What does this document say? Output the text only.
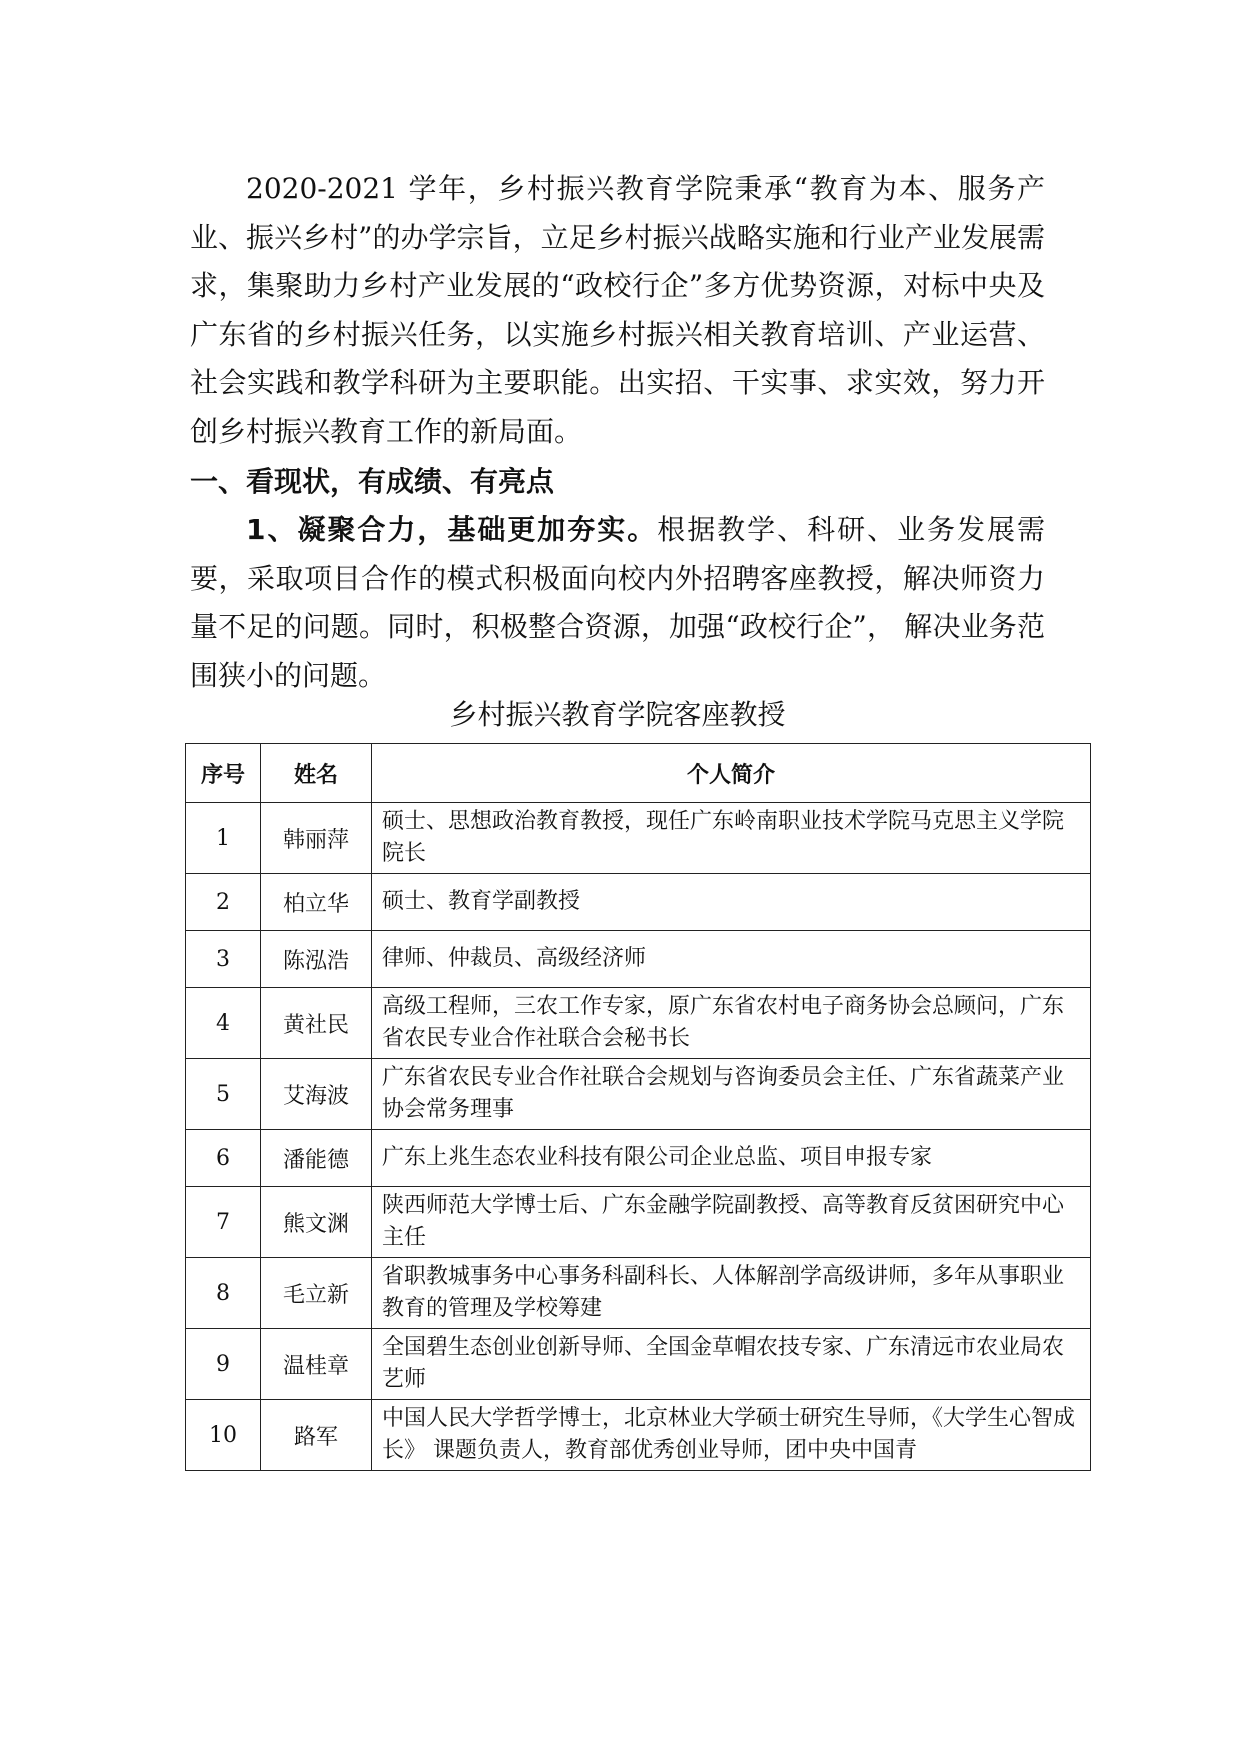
2020-2021 学年，乡村振兴教育学院秉承“教育为本、服务产业、振兴乡村”的办学宗旨，立足乡村振兴战略实施和行业产业发展需求，集聚助力乡村产业发展的“政校行企”多方优势资源，对标中央及广东省的乡村振兴任务，以实施乡村振兴相关教育培训、产业运营、社会实践和教学科研为主要职能。出实招、干实事、求实效，努力开创乡村振兴教育工作的新局面。

一、看现状，有成绩、有亮点

1、凝聚合力，基础更加夯实。根据教学、科研、业务发展需要，采取项目合作的模式积极面向校内外招聘客座教授，解决师资力量不足的问题。同时，积极整合资源，加强“政校行企”， 解决业务范围狭小的问题。

乡村振兴教育学院客座教授
序号	姓名	个人简介
1	韩丽萍	硕士、思想政治教育教授，现任广东岭南职业技术学院马克思主义学院院长
2	柏立华	硕士、教育学副教授
3	陈泓浩	律师、仲裁员、高级经济师
4	黄社民	高级工程师，三农工作专家，原广东省农村电子商务协会总顾问，广东省农民专业合作社联合会秘书长
5	艾海波	广东省农民专业合作社联合会规划与咨询委员会主任、广东省蔬菜产业协会常务理事
6	潘能德	广东上兆生态农业科技有限公司企业总监、项目申报专家
7	熊文渊	陕西师范大学博士后、广东金融学院副教授、高等教育反贫困研究中心主任
8	毛立新	省职教城事务中心事务科副科长、人体解剖学高级讲师，多年从事职业教育的管理及学校筹建
9	温桂章	全国碧生态创业创新导师、全国金草帽农技专家、广东清远市农业局农艺师
10	路军	中国人民大学哲学博士，北京林业大学硕士研究生导师，《大学生心智成长》 课题负责人，教育部优秀创业导师，团中央中国青
